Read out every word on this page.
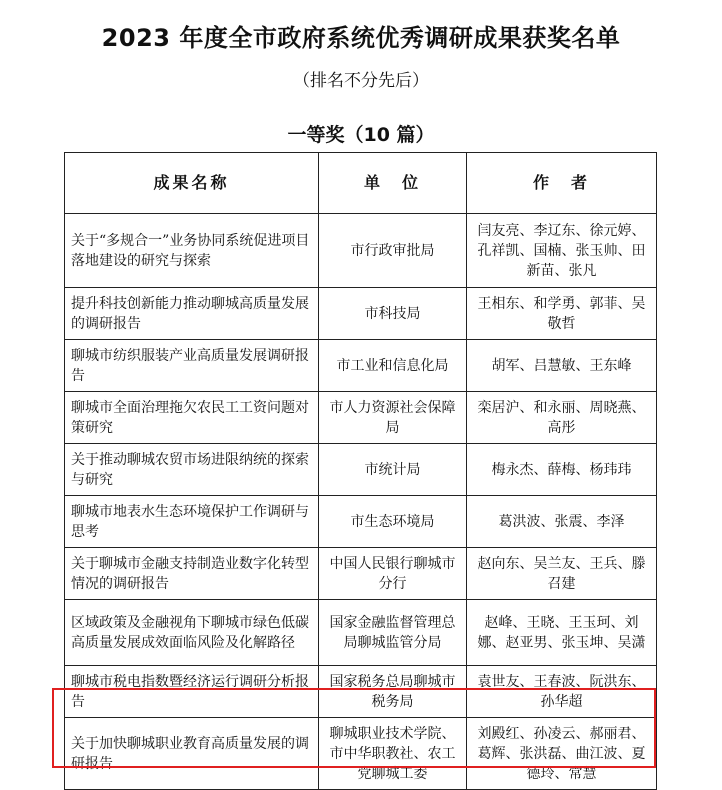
2023 年度全市政府系统优秀调研成果获奖名单
（排名不分先后）
一等奖（10 篇）
成果名称	单　位	作　者
关于“多规合一”业务协同系统促进项目落地建设的研究与探索	市行政审批局	闫友亮、李辽东、徐元婷、孔祥凯、国楠、张玉帅、田新苗、张凡
提升科技创新能力推动聊城高质量发展的调研报告	市科技局	王相东、和学勇、郭菲、吴敬哲
聊城市纺织服装产业高质量发展调研报告	市工业和信息化局	胡军、吕慧敏、王东峰
聊城市全面治理拖欠农民工工资问题对策研究	市人力资源社会保障局	栾居沪、和永丽、周晓燕、高彤
关于推动聊城农贸市场进限纳统的探索与研究	市统计局	梅永杰、薛梅、杨玮玮
聊城市地表水生态环境保护工作调研与思考	市生态环境局	葛洪波、张震、李泽
关于聊城市金融支持制造业数字化转型情况的调研报告	中国人民银行聊城市分行	赵向东、吴兰友、王兵、滕召建
区域政策及金融视角下聊城市绿色低碳高质量发展成效面临风险及化解路径	国家金融监督管理总局聊城监管分局	赵峰、王晓、王玉珂、刘娜、赵亚男、张玉坤、吴潇
聊城市税电指数暨经济运行调研分析报告	国家税务总局聊城市税务局	袁世友、王春波、阮洪东、孙华超
关于加快聊城职业教育高质量发展的调研报告	聊城职业技术学院、市中华职教社、农工党聊城工委	刘殿红、孙凌云、郝丽君、葛辉、张洪磊、曲江波、夏德玲、常慧
